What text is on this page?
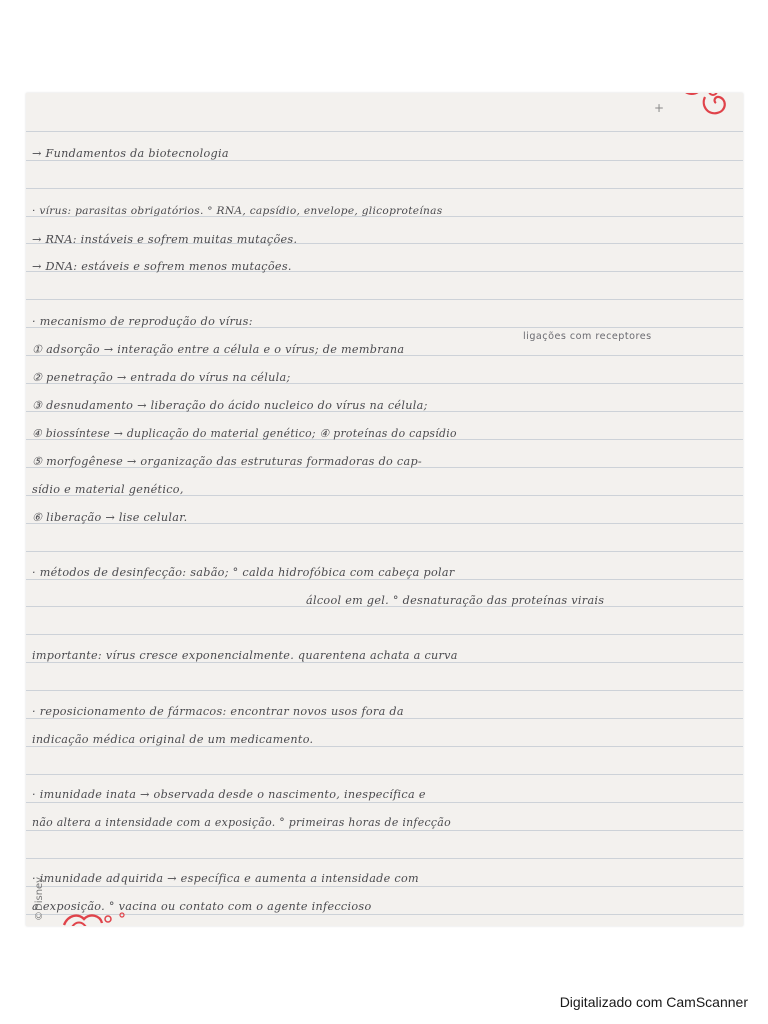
+
→ Fundamentos da biotecnologia
· vírus: parasitas obrigatórios. ° RNA, capsídio, envelope, glicoproteínas
→ RNA: instáveis e sofrem muitas mutações.
→ DNA: estáveis e sofrem menos mutações.
· mecanismo de reprodução do vírus:
ligações com receptores
① adsorção → interação entre a célula e o vírus; de membrana
② penetração → entrada do vírus na célula;
③ desnudamento → liberação do ácido nucleico do vírus na célula;
④ biossíntese → duplicação do material genético; ④ proteínas do capsídio
⑤ morfogênese → organização das estruturas formadoras do cap-
sídio e material genético,
⑥ liberação → lise celular.
· métodos de desinfecção: sabão; ° calda hidrofóbica com cabeça polar
álcool em gel. ° desnaturação das proteínas virais
importante: vírus cresce exponencialmente. quarentena achata a curva
· reposicionamento de fármacos: encontrar novos usos fora da
indicação médica original de um medicamento.
· imunidade inata → observada desde o nascimento, inespecífica e
não altera a intensidade com a exposição. ° primeiras horas de infecção
· imunidade adquirida → específica e aumenta a intensidade com
a exposição. ° vacina ou contato com o agente infeccioso
©Disney
Digitalizado com CamScanner
